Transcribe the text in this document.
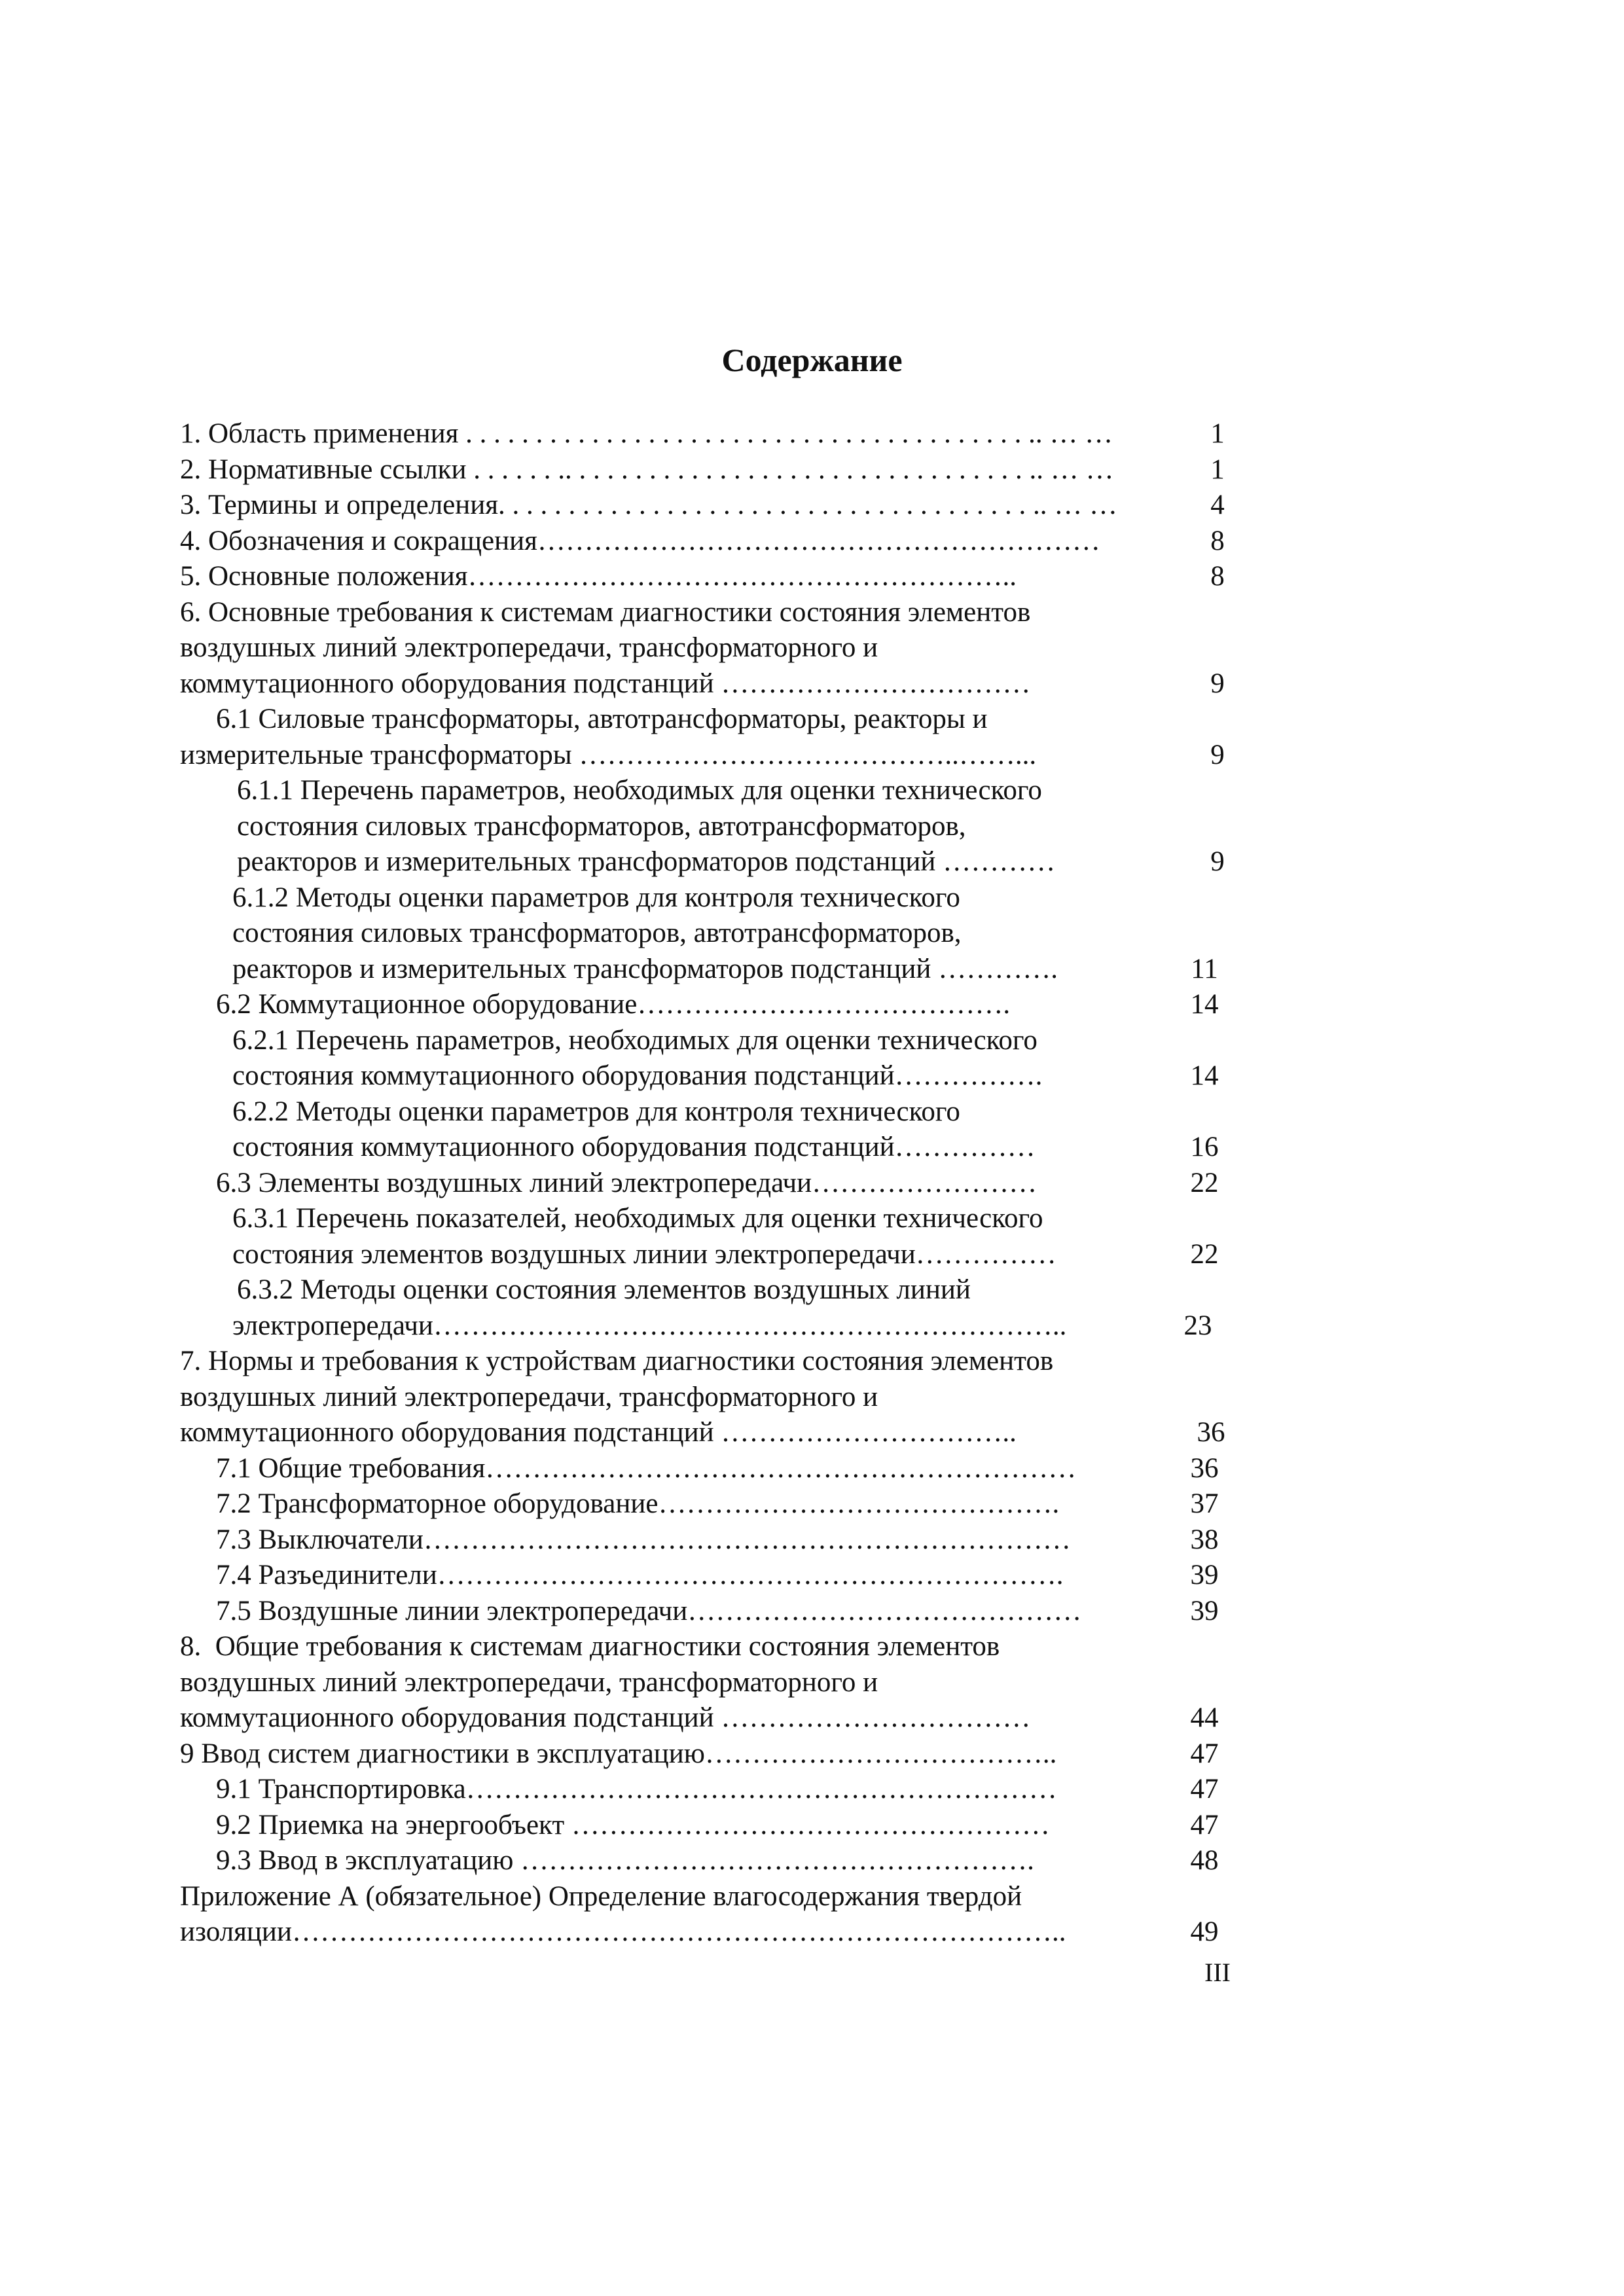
Содержание
1. Область применения . . . . . . . . . . . . . . . . . . . . . . . . . . . . . . . . . . . . . . . . .. … …	1
2. Нормативные ссылки . . . . . . .. . . . . . . . . . . . . . . . . . . . . . . . . . . . . . . . . .. … …	1
3. Термины и определения. . . . . . . . . . . . . . . . . . . . . . . . . . . . . . . . . . . . . . .. … …	4
4. Обозначения и сокращения……………………………………………………	8
5. Основные положения…………………………………………………..	8
6. Основные требования к системам диагностики состояния элементов
воздушных линий электропередачи, трансформаторного и
коммутационного оборудования подстанций ……………………………	9
6.1 Силовые трансформаторы, автотрансформаторы, реакторы и
измерительные трансформаторы …………………………………..……...	9
6.1.1 Перечень параметров, необходимых для оценки технического
состояния силовых трансформаторов, автотрансформаторов,
реакторов и измерительных трансформаторов подстанций …………	9
6.1.2 Методы оценки параметров для контроля технического
состояния силовых трансформаторов, автотрансформаторов,
реакторов и измерительных трансформаторов подстанций ………….	11
6.2 Коммутационное оборудование………………………………….	14
6.2.1 Перечень параметров, необходимых для оценки технического
состояния коммутационного оборудования подстанций…………….	14
6.2.2 Методы оценки параметров для контроля технического
состояния коммутационного оборудования подстанций……………	16
6.3 Элементы воздушных линий электропередачи……………………	22
6.3.1 Перечень показателей, необходимых для оценки технического
состояния элементов воздушных линии электропередачи……………	22
6.3.2 Методы оценки состояния элементов воздушных линий
электропередачи…………………………………………………………..	23
7. Нормы и требования к устройствам диагностики состояния элементов
воздушных линий электропередачи, трансформаторного и
коммутационного оборудования подстанций …………………………..	36
7.1 Общие требования………………………………………………………	36
7.2 Трансформаторное оборудование…………………………………….	37
7.3 Выключатели……………………………………………………………	38
7.4 Разъединители………………………………………………………….	39
7.5 Воздушные линии электропередачи……………………………………	39
8.  Общие требования к системам диагностики состояния элементов
воздушных линий электропередачи, трансформаторного и
коммутационного оборудования подстанций ……………………………	44
9 Ввод систем диагностики в эксплуатацию………………………………..	47
9.1 Транспортировка………………………………………………………	47
9.2 Приемка на энергообъект ……………………………………………	47
9.3 Ввод в эксплуатацию ……………………………………………….	48
Приложение А (обязательное) Определение влагосодержания твердой
изоляции………………………………………………………………………..	49
III
